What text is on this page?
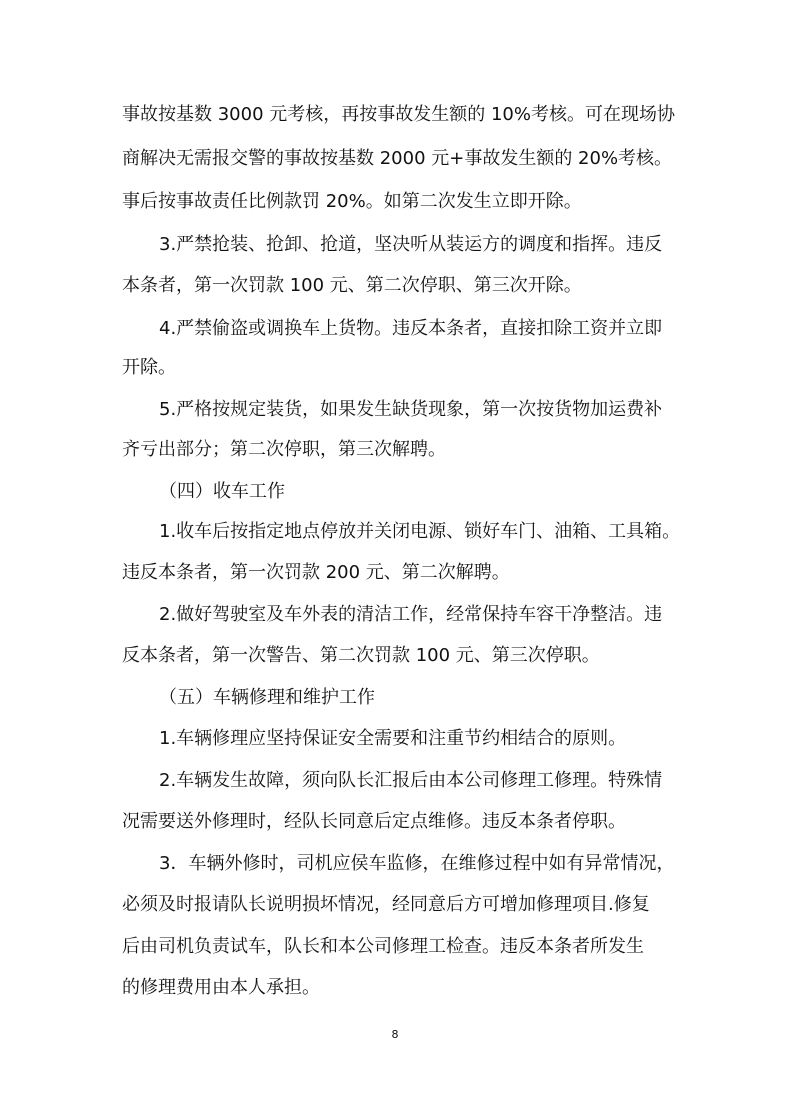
事故按基数 3000 元考核，再按事故发生额的 10%考核。可在现场协
商解决无需报交警的事故按基数 2000 元+事故发生额的 20%考核。
事后按事故责任比例款罚 20%。如第二次发生立即开除。
3.严禁抢装、抢卸、抢道，坚决听从装运方的调度和指挥。违反
本条者，第一次罚款 100 元、第二次停职、第三次开除。
4.严禁偷盗或调换车上货物。违反本条者，直接扣除工资并立即
开除。
5.严格按规定装货，如果发生缺货现象，第一次按货物加运费补
齐亏出部分；第二次停职，第三次解聘。
（四）收车工作
1.收车后按指定地点停放并关闭电源、锁好车门、油箱、工具箱。
违反本条者，第一次罚款 200 元、第二次解聘。
2.做好驾驶室及车外表的清洁工作，经常保持车容干净整洁。违
反本条者，第一次警告、第二次罚款 100 元、第三次停职。
（五）车辆修理和维护工作
1.车辆修理应坚持保证安全需要和注重节约相结合的原则。
2.车辆发生故障，须向队长汇报后由本公司修理工修理。特殊情
况需要送外修理时，经队长同意后定点维修。违反本条者停职。
3．车辆外修时，司机应侯车监修，在维修过程中如有异常情况，
必须及时报请队长说明损坏情况，经同意后方可增加修理项目.修复
后由司机负责试车，队长和本公司修理工检查。违反本条者所发生
的修理费用由本人承担。
8
